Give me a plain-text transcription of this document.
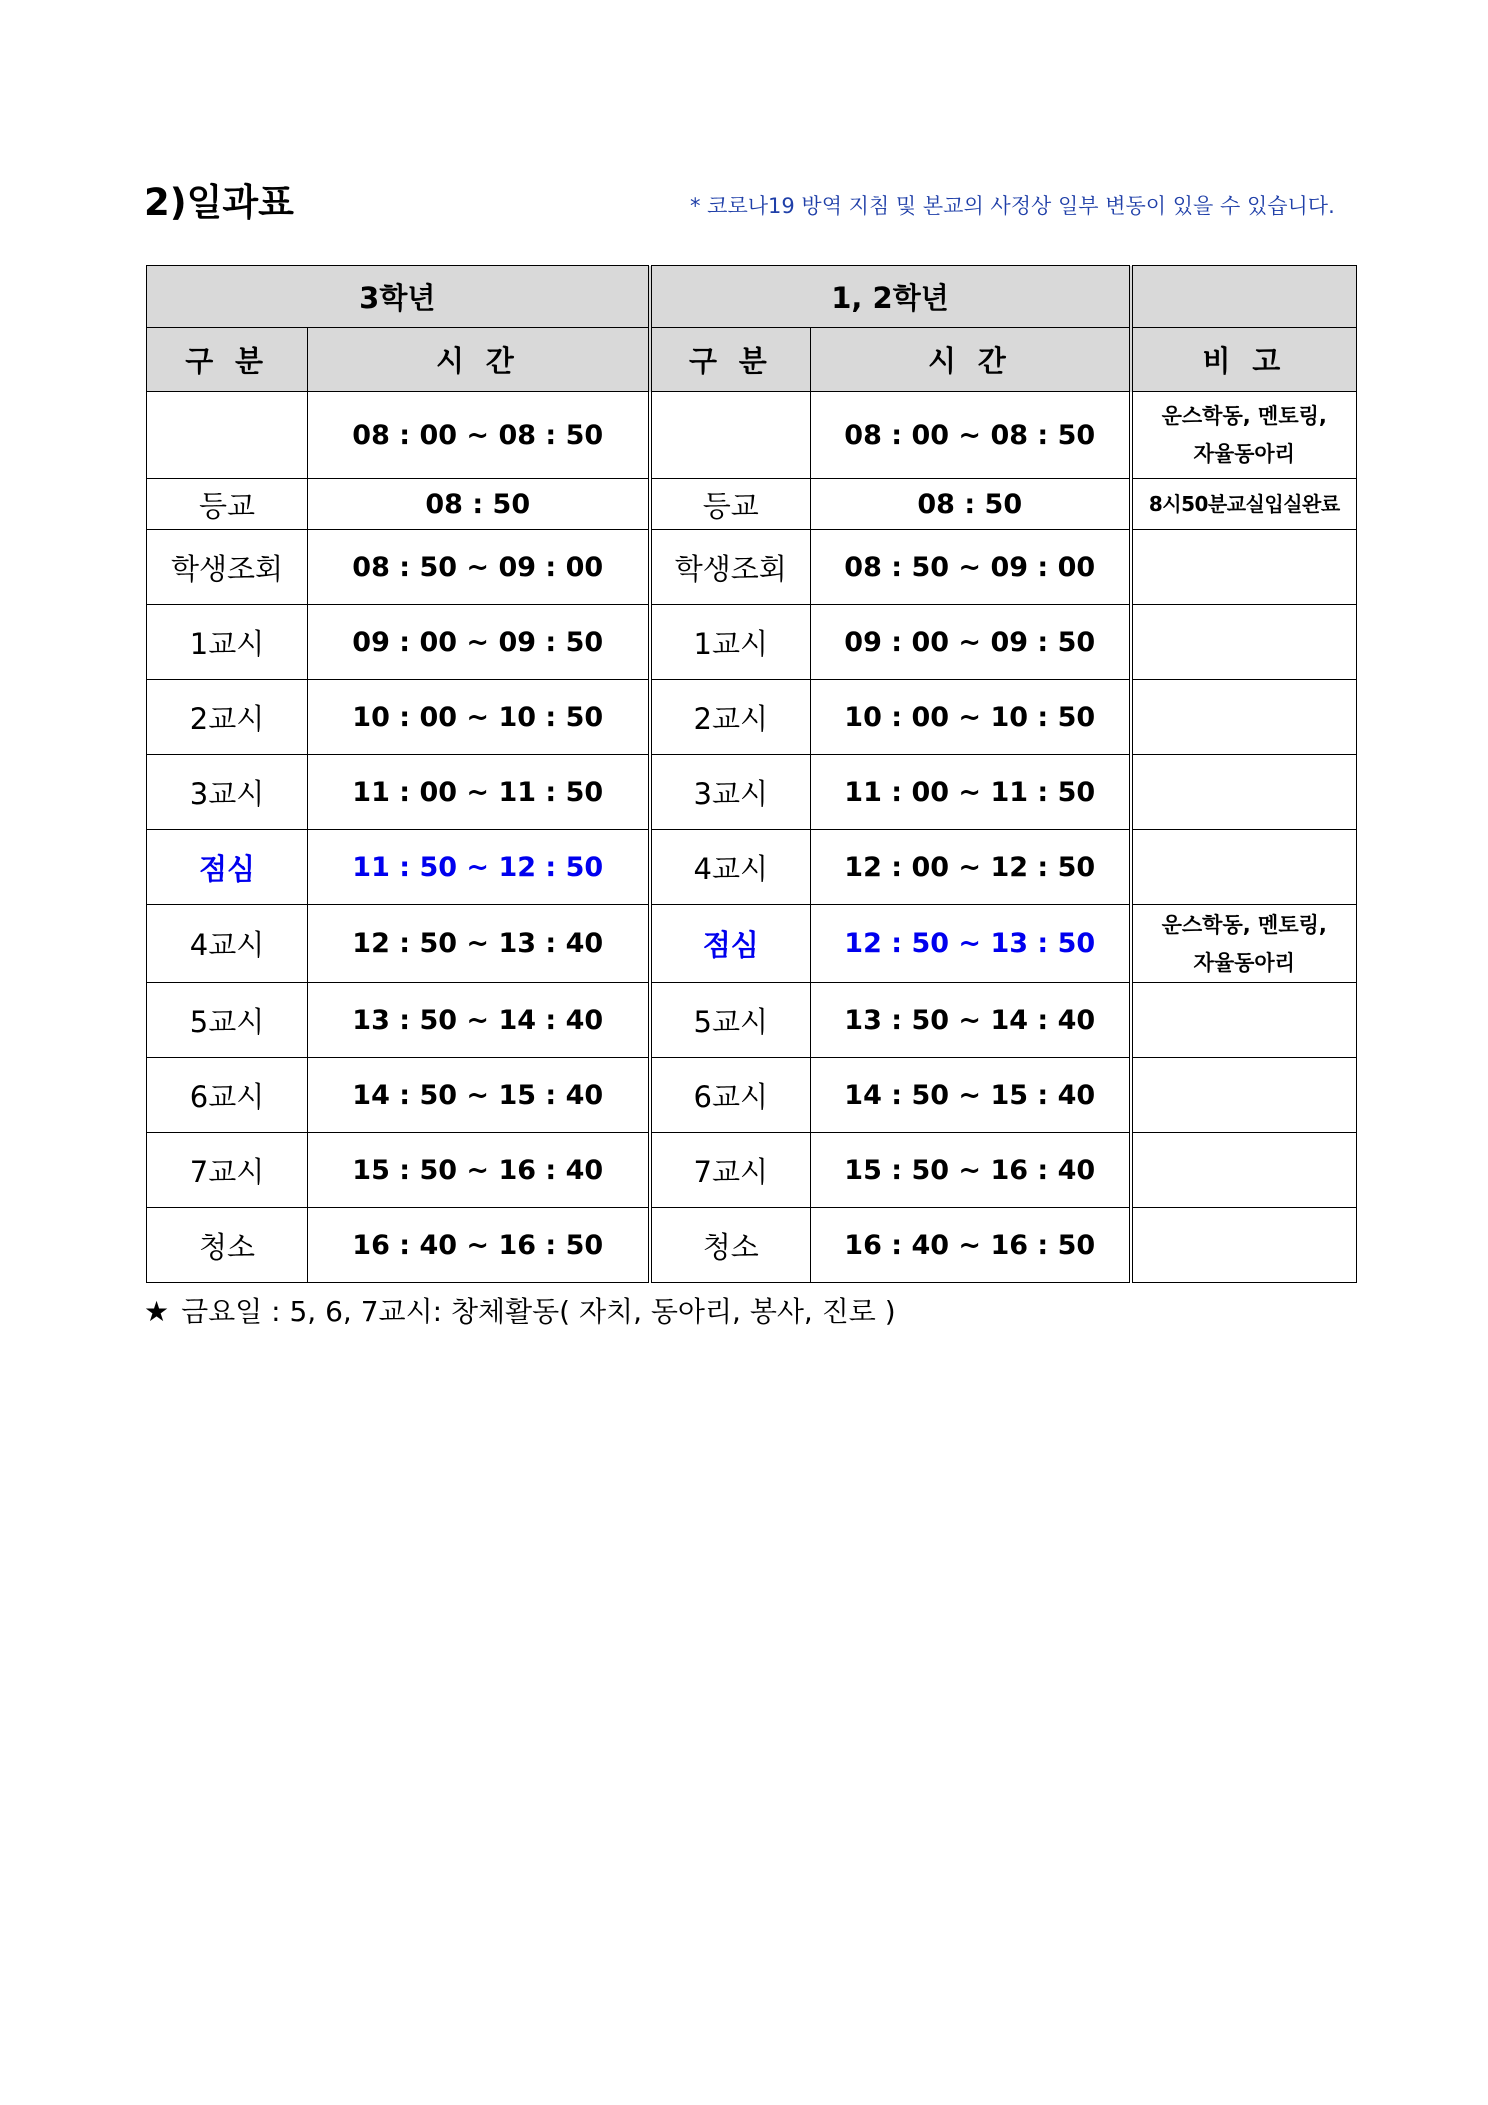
2)일과표	* 코로나19 방역 지침 및 본교의 사정상 일부 변동이 있을 수 있습니다.
3학년		1, 2학년		
구 분	시 간	구 분	시 간	비 고
	08 : 00 ~ 08 : 50		08 : 00 ~ 08 : 50	운스학동, 멘토링,
자율동아리

등교	08 : 50	등교	08 : 50	8시50분교실입실완료
학생조회	08 : 50 ~ 09 : 00	학생조회	08 : 50 ~ 09 : 00	
1교시	09 : 00 ~ 09 : 50	1교시	09 : 00 ~ 09 : 50	
2교시	10 : 00 ~ 10 : 50	2교시	10 : 00 ~ 10 : 50	
3교시	11 : 00 ~ 11 : 50	3교시	11 : 00 ~ 11 : 50	
점심	11 : 50 ~ 12 : 50	4교시	12 : 00 ~ 12 : 50	
4교시	12 : 50 ~ 13 : 40	점심	12 : 50 ~ 13 : 50	운스학동, 멘토링,
자율동아리

5교시	13 : 50 ~ 14 : 40	5교시	13 : 50 ~ 14 : 40	
6교시	14 : 50 ~ 15 : 40	6교시	14 : 50 ~ 15 : 40	
7교시	15 : 50 ~ 16 : 40	7교시	15 : 50 ~ 16 : 40	
청소	16 : 40 ~ 16 : 50	청소	16 : 40 ~ 16 : 50	
★ 금요일 : 5, 6, 7교시: 창체활동( 자치, 동아리, 봉사, 진로 )
